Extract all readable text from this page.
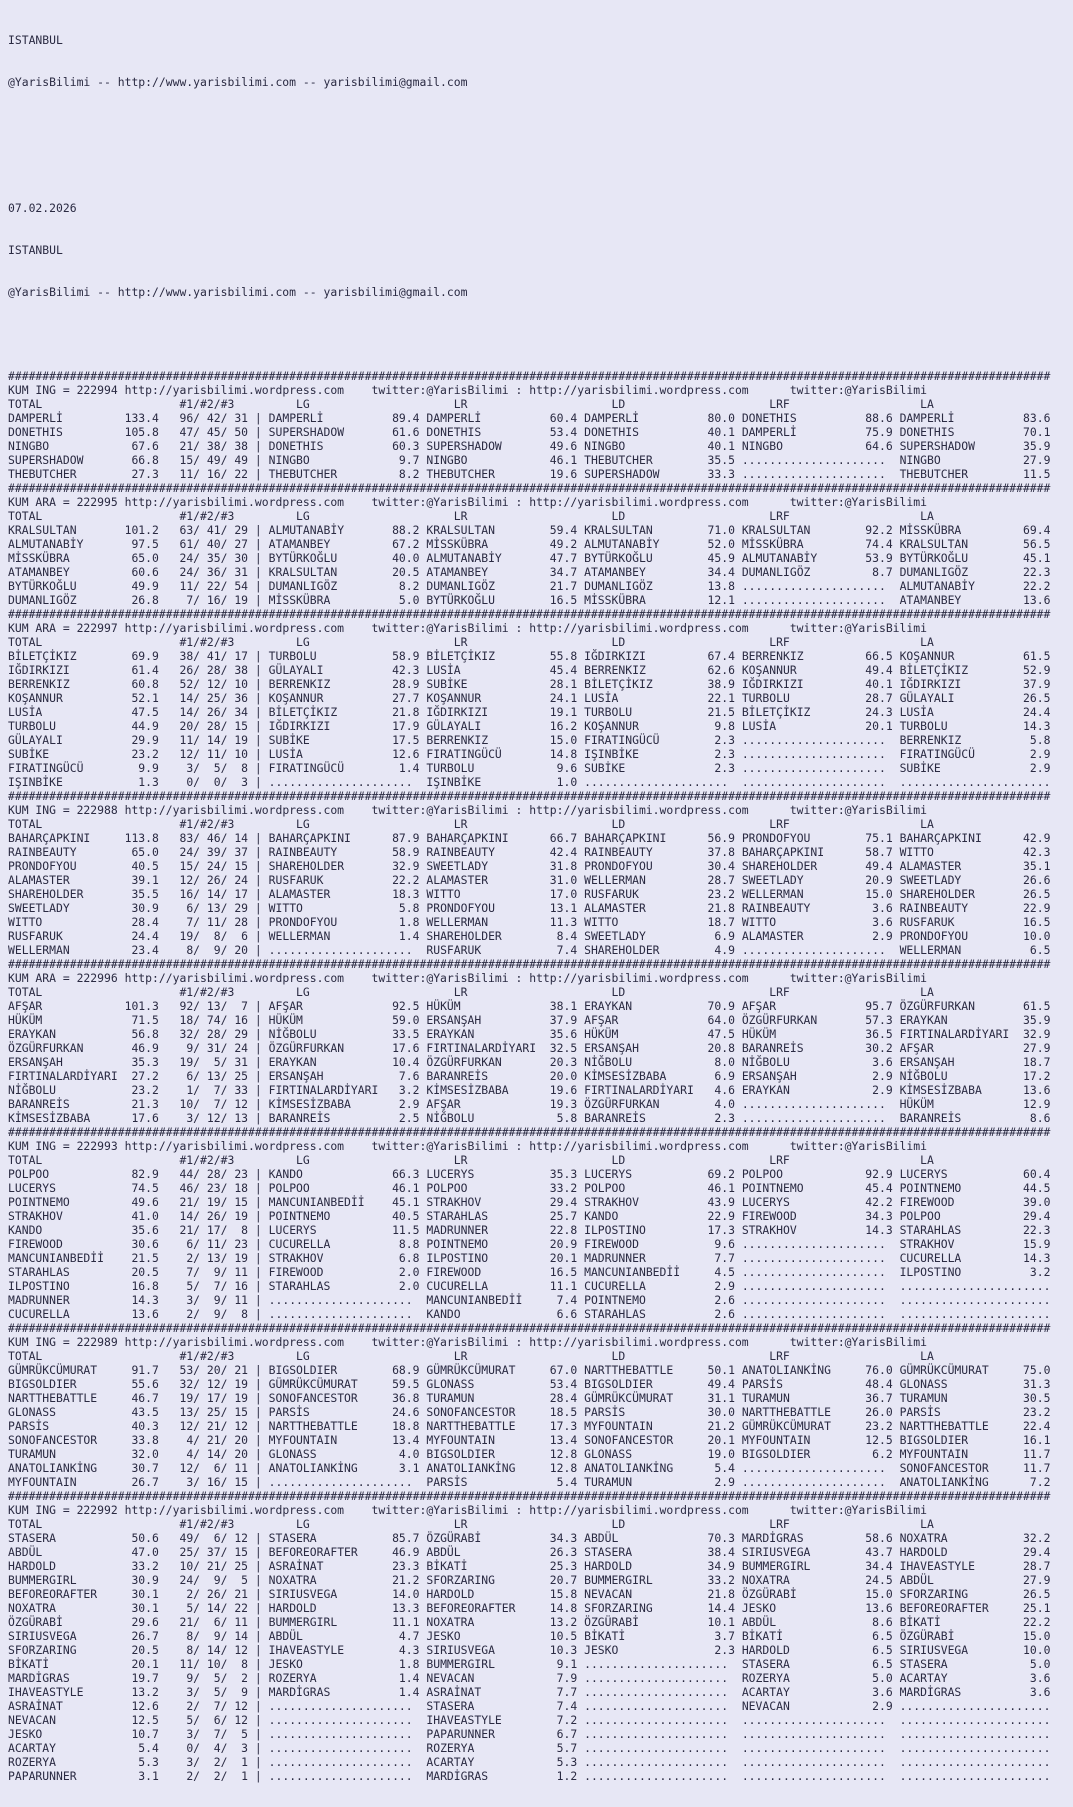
ISTANBUL

@YarisBilimi -- http://www.yarisbilimi.com -- yarisbilimi@gmail.com

07.02.2026

ISTANBUL

@YarisBilimi -- http://www.yarisbilimi.com -- yarisbilimi@gmail.com

########################################################################################################################################################
KUM ING = 222994 http://yarisbilimi.wordpress.com    twitter:@YarisBilimi : http://yarisbilimi.wordpress.com      twitter:@YarisBilimi
TOTAL                    #1/#2/#3         LG                     LR                     LD                     LRF                   LA
DAMPERLİ         133.4   96/ 42/ 31 | DAMPERLİ          89.4 DAMPERLİ          60.4 DAMPERLİ          80.0 DONETHIS          88.6 DAMPERLİ          83.6
DONETHIS         105.8   47/ 45/ 50 | SUPERSHADOW       61.6 DONETHIS          53.4 DONETHIS          40.1 DAMPERLİ          75.9 DONETHIS          70.1
NINGBO            67.6   21/ 38/ 38 | DONETHIS          60.3 SUPERSHADOW       49.6 NINGBO            40.1 NINGBO            64.6 SUPERSHADOW       35.9
SUPERSHADOW       66.8   15/ 49/ 49 | NINGBO             9.7 NINGBO            46.1 THEBUTCHER        35.5 .....................  NINGBO            27.9
THEBUTCHER        27.3   11/ 16/ 22 | THEBUTCHER         8.2 THEBUTCHER        19.6 SUPERSHADOW       33.3 .....................  THEBUTCHER        11.5
########################################################################################################################################################
KUM ARA = 222995 http://yarisbilimi.wordpress.com    twitter:@YarisBilimi : http://yarisbilimi.wordpress.com      twitter:@YarisBilimi
TOTAL                    #1/#2/#3         LG                     LR                     LD                     LRF                   LA
KRALSULTAN       101.2   63/ 41/ 29 | ALMUTANABİY       88.2 KRALSULTAN        59.4 KRALSULTAN        71.0 KRALSULTAN        92.2 MİSSKÜBRA         69.4
ALMUTANABİY       97.5   61/ 40/ 27 | ATAMANBEY         67.2 MİSSKÜBRA         49.2 ALMUTANABİY       52.0 MİSSKÜBRA         74.4 KRALSULTAN        56.5
MİSSKÜBRA         65.0   24/ 35/ 30 | BYTÜRKOĞLU        40.0 ALMUTANABİY       47.7 BYTÜRKOĞLU        45.9 ALMUTANABİY       53.9 BYTÜRKOĞLU        45.1
ATAMANBEY         60.6   24/ 36/ 31 | KRALSULTAN        20.5 ATAMANBEY         34.7 ATAMANBEY         34.4 DUMANLIGÖZ         8.7 DUMANLIGÖZ        22.3
BYTÜRKOĞLU        49.9   11/ 22/ 54 | DUMANLIGÖZ         8.2 DUMANLIGÖZ        21.7 DUMANLIGÖZ        13.8 .....................  ALMUTANABİY       22.2
DUMANLIGÖZ        26.8    7/ 16/ 19 | MİSSKÜBRA          5.0 BYTÜRKOĞLU        16.5 MİSSKÜBRA         12.1 .....................  ATAMANBEY         13.6
########################################################################################################################################################
KUM ARA = 222997 http://yarisbilimi.wordpress.com    twitter:@YarisBilimi : http://yarisbilimi.wordpress.com      twitter:@YarisBilimi
TOTAL                    #1/#2/#3         LG                     LR                     LD                     LRF                   LA
BİLETÇİKIZ        69.9   38/ 41/ 17 | TURBOLU           58.9 BİLETÇİKIZ        55.8 IĞDIRKIZI         67.4 BERRENKIZ         66.5 KOŞANNUR          61.5
IĞDIRKIZI         61.4   26/ 28/ 38 | GÜLAYALI          42.3 LUSİA             45.4 BERRENKIZ         62.6 KOŞANNUR          49.4 BİLETÇİKIZ        52.9
BERRENKIZ         60.8   52/ 12/ 10 | BERRENKIZ         28.9 SUBİKE            28.1 BİLETÇİKIZ        38.9 IĞDIRKIZI         40.1 IĞDIRKIZI         37.9
KOŞANNUR          52.1   14/ 25/ 36 | KOŞANNUR          27.7 KOŞANNUR          24.1 LUSİA             22.1 TURBOLU           28.7 GÜLAYALI          26.5
LUSİA             47.5   14/ 26/ 34 | BİLETÇİKIZ        21.8 IĞDIRKIZI         19.1 TURBOLU           21.5 BİLETÇİKIZ        24.3 LUSİA             24.4
TURBOLU           44.9   20/ 28/ 15 | IĞDIRKIZI         17.9 GÜLAYALI          16.2 KOŞANNUR           9.8 LUSİA             20.1 TURBOLU           14.3
GÜLAYALI          29.9   11/ 14/ 19 | SUBİKE            17.5 BERRENKIZ         15.0 FIRATINGÜCÜ        2.3 .....................  BERRENKIZ          5.8
SUBİKE            23.2   12/ 11/ 10 | LUSİA             12.6 FIRATINGÜCÜ       14.8 IŞINBİKE           2.3 .....................  FIRATINGÜCÜ        2.9
FIRATINGÜCÜ        9.9    3/  5/  8 | FIRATINGÜCÜ        1.4 TURBOLU            9.6 SUBİKE             2.3 .....................  SUBİKE             2.9
IŞINBİKE           1.3    0/  0/  3 | .....................  IŞINBİKE           1.0 .....................  .....................  ......................
########################################################################################################################################################
KUM ING = 222988 http://yarisbilimi.wordpress.com    twitter:@YarisBilimi : http://yarisbilimi.wordpress.com      twitter:@YarisBilimi
TOTAL                    #1/#2/#3         LG                     LR                     LD                     LRF                   LA
BAHARÇAPKINI     113.8   83/ 46/ 14 | BAHARÇAPKINI      87.9 BAHARÇAPKINI      66.7 BAHARÇAPKINI      56.9 PRONDOFYOU        75.1 BAHARÇAPKINI      42.9
RAINBEAUTY        65.0   24/ 39/ 37 | RAINBEAUTY        58.9 RAINBEAUTY        42.4 RAINBEAUTY        37.8 BAHARÇAPKINI      58.7 WITTO             42.3
PRONDOFYOU        40.5   15/ 24/ 15 | SHAREHOLDER       32.9 SWEETLADY         31.8 PRONDOFYOU        30.4 SHAREHOLDER       49.4 ALAMASTER         35.1
ALAMASTER         39.1   12/ 26/ 24 | RUSFARUK          22.2 ALAMASTER         31.0 WELLERMAN         28.7 SWEETLADY         20.9 SWEETLADY         26.6
SHAREHOLDER       35.5   16/ 14/ 17 | ALAMASTER         18.3 WITTO             17.0 RUSFARUK          23.2 WELLERMAN         15.0 SHAREHOLDER       26.5
SWEETLADY         30.9    6/ 13/ 29 | WITTO              5.8 PRONDOFYOU        13.1 ALAMASTER         21.8 RAINBEAUTY         3.6 RAINBEAUTY        22.9
WITTO             28.4    7/ 11/ 28 | PRONDOFYOU         1.8 WELLERMAN         11.3 WITTO             18.7 WITTO              3.6 RUSFARUK          16.5
RUSFARUK          24.4   19/  8/  6 | WELLERMAN          1.4 SHAREHOLDER        8.4 SWEETLADY          6.9 ALAMASTER          2.9 PRONDOFYOU        10.0
WELLERMAN         23.4    8/  9/ 20 | .....................  RUSFARUK           7.4 SHAREHOLDER        4.9 .....................  WELLERMAN          6.5
########################################################################################################################################################
KUM ARA = 222996 http://yarisbilimi.wordpress.com    twitter:@YarisBilimi : http://yarisbilimi.wordpress.com      twitter:@YarisBilimi
TOTAL                    #1/#2/#3         LG                     LR                     LD                     LRF                   LA
AFŞAR            101.3   92/ 13/  7 | AFŞAR             92.5 HÜKÜM             38.1 ERAYKAN           70.9 AFŞAR             95.7 ÖZGÜRFURKAN       61.5
HÜKÜM             71.5   18/ 74/ 16 | HÜKÜM             59.0 ERSANŞAH          37.9 AFŞAR             64.0 ÖZGÜRFURKAN       57.3 ERAYKAN           35.9
ERAYKAN           56.8   32/ 28/ 29 | NİĞBOLU           33.5 ERAYKAN           35.6 HÜKÜM             47.5 HÜKÜM             36.5 FIRTINALARDİYARI  32.9
ÖZGÜRFURKAN       46.9    9/ 31/ 24 | ÖZGÜRFURKAN       17.6 FIRTINALARDİYARI  32.5 ERSANŞAH          20.8 BARANREİS         30.2 AFŞAR             27.9
ERSANŞAH          35.3   19/  5/ 31 | ERAYKAN           10.4 ÖZGÜRFURKAN       20.3 NİĞBOLU            8.0 NİĞBOLU            3.6 ERSANŞAH          18.7
FIRTINALARDİYARI  27.2    6/ 13/ 25 | ERSANŞAH           7.6 BARANREİS         20.0 KİMSESİZBABA       6.9 ERSANŞAH           2.9 NİĞBOLU           17.2
NİĞBOLU           23.2    1/  7/ 33 | FIRTINALARDİYARI   3.2 KİMSESİZBABA      19.6 FIRTINALARDİYARI   4.6 ERAYKAN            2.9 KİMSESİZBABA      13.6
BARANREİS         21.3   10/  7/ 12 | KİMSESİZBABA       2.9 AFŞAR             19.3 ÖZGÜRFURKAN        4.0 .....................  HÜKÜM             12.9
KİMSESİZBABA      17.6    3/ 12/ 13 | BARANREİS          2.5 NİĞBOLU            5.8 BARANREİS          2.3 .....................  BARANREİS          8.6
########################################################################################################################################################
KUM ING = 222993 http://yarisbilimi.wordpress.com    twitter:@YarisBilimi : http://yarisbilimi.wordpress.com      twitter:@YarisBilimi
TOTAL                    #1/#2/#3         LG                     LR                     LD                     LRF                   LA
POLPOO            82.9   44/ 28/ 23 | KANDO             66.3 LUCERYS           35.3 LUCERYS           69.2 POLPOO            92.9 LUCERYS           60.4
LUCERYS           74.5   46/ 23/ 18 | POLPOO            46.1 POLPOO            33.2 POLPOO            46.1 POINTNEMO         45.4 POINTNEMO         44.5
POINTNEMO         49.6   21/ 19/ 15 | MANCUNIANBEDİİ    45.1 STRAKHOV          29.4 STRAKHOV          43.9 LUCERYS           42.2 FIREWOOD          39.0
STRAKHOV          41.0   14/ 26/ 19 | POINTNEMO         40.5 STARAHLAS         25.7 KANDO             22.9 FIREWOOD          34.3 POLPOO            29.4
KANDO             35.6   21/ 17/  8 | LUCERYS           11.5 MADRUNNER         22.8 ILPOSTINO         17.3 STRAKHOV          14.3 STARAHLAS         22.3
FIREWOOD          30.6    6/ 11/ 23 | CUCURELLA          8.8 POINTNEMO         20.9 FIREWOOD           9.6 .....................  STRAKHOV          15.9
MANCUNIANBEDİİ    21.5    2/ 13/ 19 | STRAKHOV           6.8 ILPOSTINO         20.1 MADRUNNER          7.7 .....................  CUCURELLA         14.3
STARAHLAS         20.5    7/  9/ 11 | FIREWOOD           2.0 FIREWOOD          16.5 MANCUNIANBEDİİ     4.5 .....................  ILPOSTINO          3.2
ILPOSTINO         16.8    5/  7/ 16 | STARAHLAS          2.0 CUCURELLA         11.1 CUCURELLA          2.9 .....................  ......................
MADRUNNER         14.3    3/  9/ 11 | .....................  MANCUNIANBEDİİ     7.4 POINTNEMO          2.6 .....................  ......................
CUCURELLA         13.6    2/  9/  8 | .....................  KANDO              6.6 STARAHLAS          2.6 .....................  ......................
########################################################################################################################################################
KUM ING = 222989 http://yarisbilimi.wordpress.com    twitter:@YarisBilimi : http://yarisbilimi.wordpress.com      twitter:@YarisBilimi
TOTAL                    #1/#2/#3         LG                     LR                     LD                     LRF                   LA
GÜMRÜKCÜMURAT     91.7   53/ 20/ 21 | BIGSOLDIER        68.9 GÜMRÜKCÜMURAT     67.0 NARTTHEBATTLE     50.1 ANATOLIANKİNG     76.0 GÜMRÜKCÜMURAT     75.0
BIGSOLDIER        55.6   32/ 12/ 19 | GÜMRÜKCÜMURAT     59.5 GLONASS           53.4 BIGSOLDIER        49.4 PARSİS            48.4 GLONASS           31.3
NARTTHEBATTLE     46.7   19/ 17/ 19 | SONOFANCESTOR     36.8 TURAMUN           28.4 GÜMRÜKCÜMURAT     31.1 TURAMUN           36.7 TURAMUN           30.5
GLONASS           43.5   13/ 25/ 15 | PARSİS            24.6 SONOFANCESTOR     18.5 PARSİS            30.0 NARTTHEBATTLE     26.0 PARSİS            23.2
PARSİS            40.3   12/ 21/ 12 | NARTTHEBATTLE     18.8 NARTTHEBATTLE     17.3 MYFOUNTAIN        21.2 GÜMRÜKCÜMURAT     23.2 NARTTHEBATTLE     22.4
SONOFANCESTOR     33.8    4/ 21/ 20 | MYFOUNTAIN        13.4 MYFOUNTAIN        13.4 SONOFANCESTOR     20.1 MYFOUNTAIN        12.5 BIGSOLDIER        16.1
TURAMUN           32.0    4/ 14/ 20 | GLONASS            4.0 BIGSOLDIER        12.8 GLONASS           19.0 BIGSOLDIER         6.2 MYFOUNTAIN        11.7
ANATOLIANKİNG     30.7   12/  6/ 11 | ANATOLIANKİNG      3.1 ANATOLIANKİNG     12.8 ANATOLIANKİNG      5.4 .....................  SONOFANCESTOR     11.7
MYFOUNTAIN        26.7    3/ 16/ 15 | .....................  PARSİS             5.4 TURAMUN            2.9 .....................  ANATOLIANKİNG      7.2
########################################################################################################################################################
KUM ING = 222992 http://yarisbilimi.wordpress.com    twitter:@YarisBilimi : http://yarisbilimi.wordpress.com      twitter:@YarisBilimi
TOTAL                    #1/#2/#3         LG                     LR                     LD                     LRF                   LA
STASERA           50.6   49/  6/ 12 | STASERA           85.7 ÖZGÜRABİ          34.3 ABDÜL             70.3 MARDİGRAS         58.6 NOXATRA           32.2
ABDÜL             47.0   25/ 37/ 15 | BEFOREORAFTER     46.9 ABDÜL             26.3 STASERA           38.4 SIRIUSVEGA        43.7 HARDOLD           29.4
HARDOLD           33.2   10/ 21/ 25 | ASRAİNAT          23.3 BİKATİ            25.3 HARDOLD           34.9 BUMMERGIRL        34.4 IHAVEASTYLE       28.7
BUMMERGIRL        30.9   24/  9/  5 | NOXATRA           21.2 SFORZARING        20.7 BUMMERGIRL        33.2 NOXATRA           24.5 ABDÜL             27.9
BEFOREORAFTER     30.1    2/ 26/ 21 | SIRIUSVEGA        14.0 HARDOLD           15.8 NEVACAN           21.8 ÖZGÜRABİ          15.0 SFORZARING        26.5
NOXATRA           30.1    5/ 14/ 22 | HARDOLD           13.3 BEFOREORAFTER     14.8 SFORZARING        14.4 JESKO             13.6 BEFOREORAFTER     25.1
ÖZGÜRABİ          29.6   21/  6/ 11 | BUMMERGIRL        11.1 NOXATRA           13.2 ÖZGÜRABİ          10.1 ABDÜL              8.6 BİKATİ            22.2
SIRIUSVEGA        26.7    8/  9/ 14 | ABDÜL              4.7 JESKO             10.5 BİKATİ             3.7 BİKATİ             6.5 ÖZGÜRABİ          15.0
SFORZARING        20.5    8/ 14/ 12 | IHAVEASTYLE        4.3 SIRIUSVEGA        10.3 JESKO              2.3 HARDOLD            6.5 SIRIUSVEGA        10.0
BİKATİ            20.1   11/ 10/  8 | JESKO              1.8 BUMMERGIRL         9.1 .....................  STASERA            6.5 STASERA            5.0
MARDİGRAS         19.7    9/  5/  2 | ROZERYA            1.4 NEVACAN            7.9 .....................  ROZERYA            5.0 ACARTAY            3.6
IHAVEASTYLE       13.2    3/  5/  9 | MARDİGRAS          1.4 ASRAİNAT           7.7 .....................  ACARTAY            3.6 MARDİGRAS          3.6
ASRAİNAT          12.6    2/  7/ 12 | .....................  STASERA            7.4 .....................  NEVACAN            2.9 ......................
NEVACAN           12.5    5/  6/ 12 | .....................  IHAVEASTYLE        7.2 .....................  .....................  ......................
JESKO             10.7    3/  7/  5 | .....................  PAPARUNNER         6.7 .....................  .....................  ......................
ACARTAY            5.4    0/  4/  3 | .....................  ROZERYA            5.7 .....................  .....................  ......................
ROZERYA            5.3    3/  2/  1 | .....................  ACARTAY            5.3 .....................  .....................  ......................
PAPARUNNER         3.1    2/  2/  1 | .....................  MARDİGRAS          1.2 .....................  .....................  ......................
